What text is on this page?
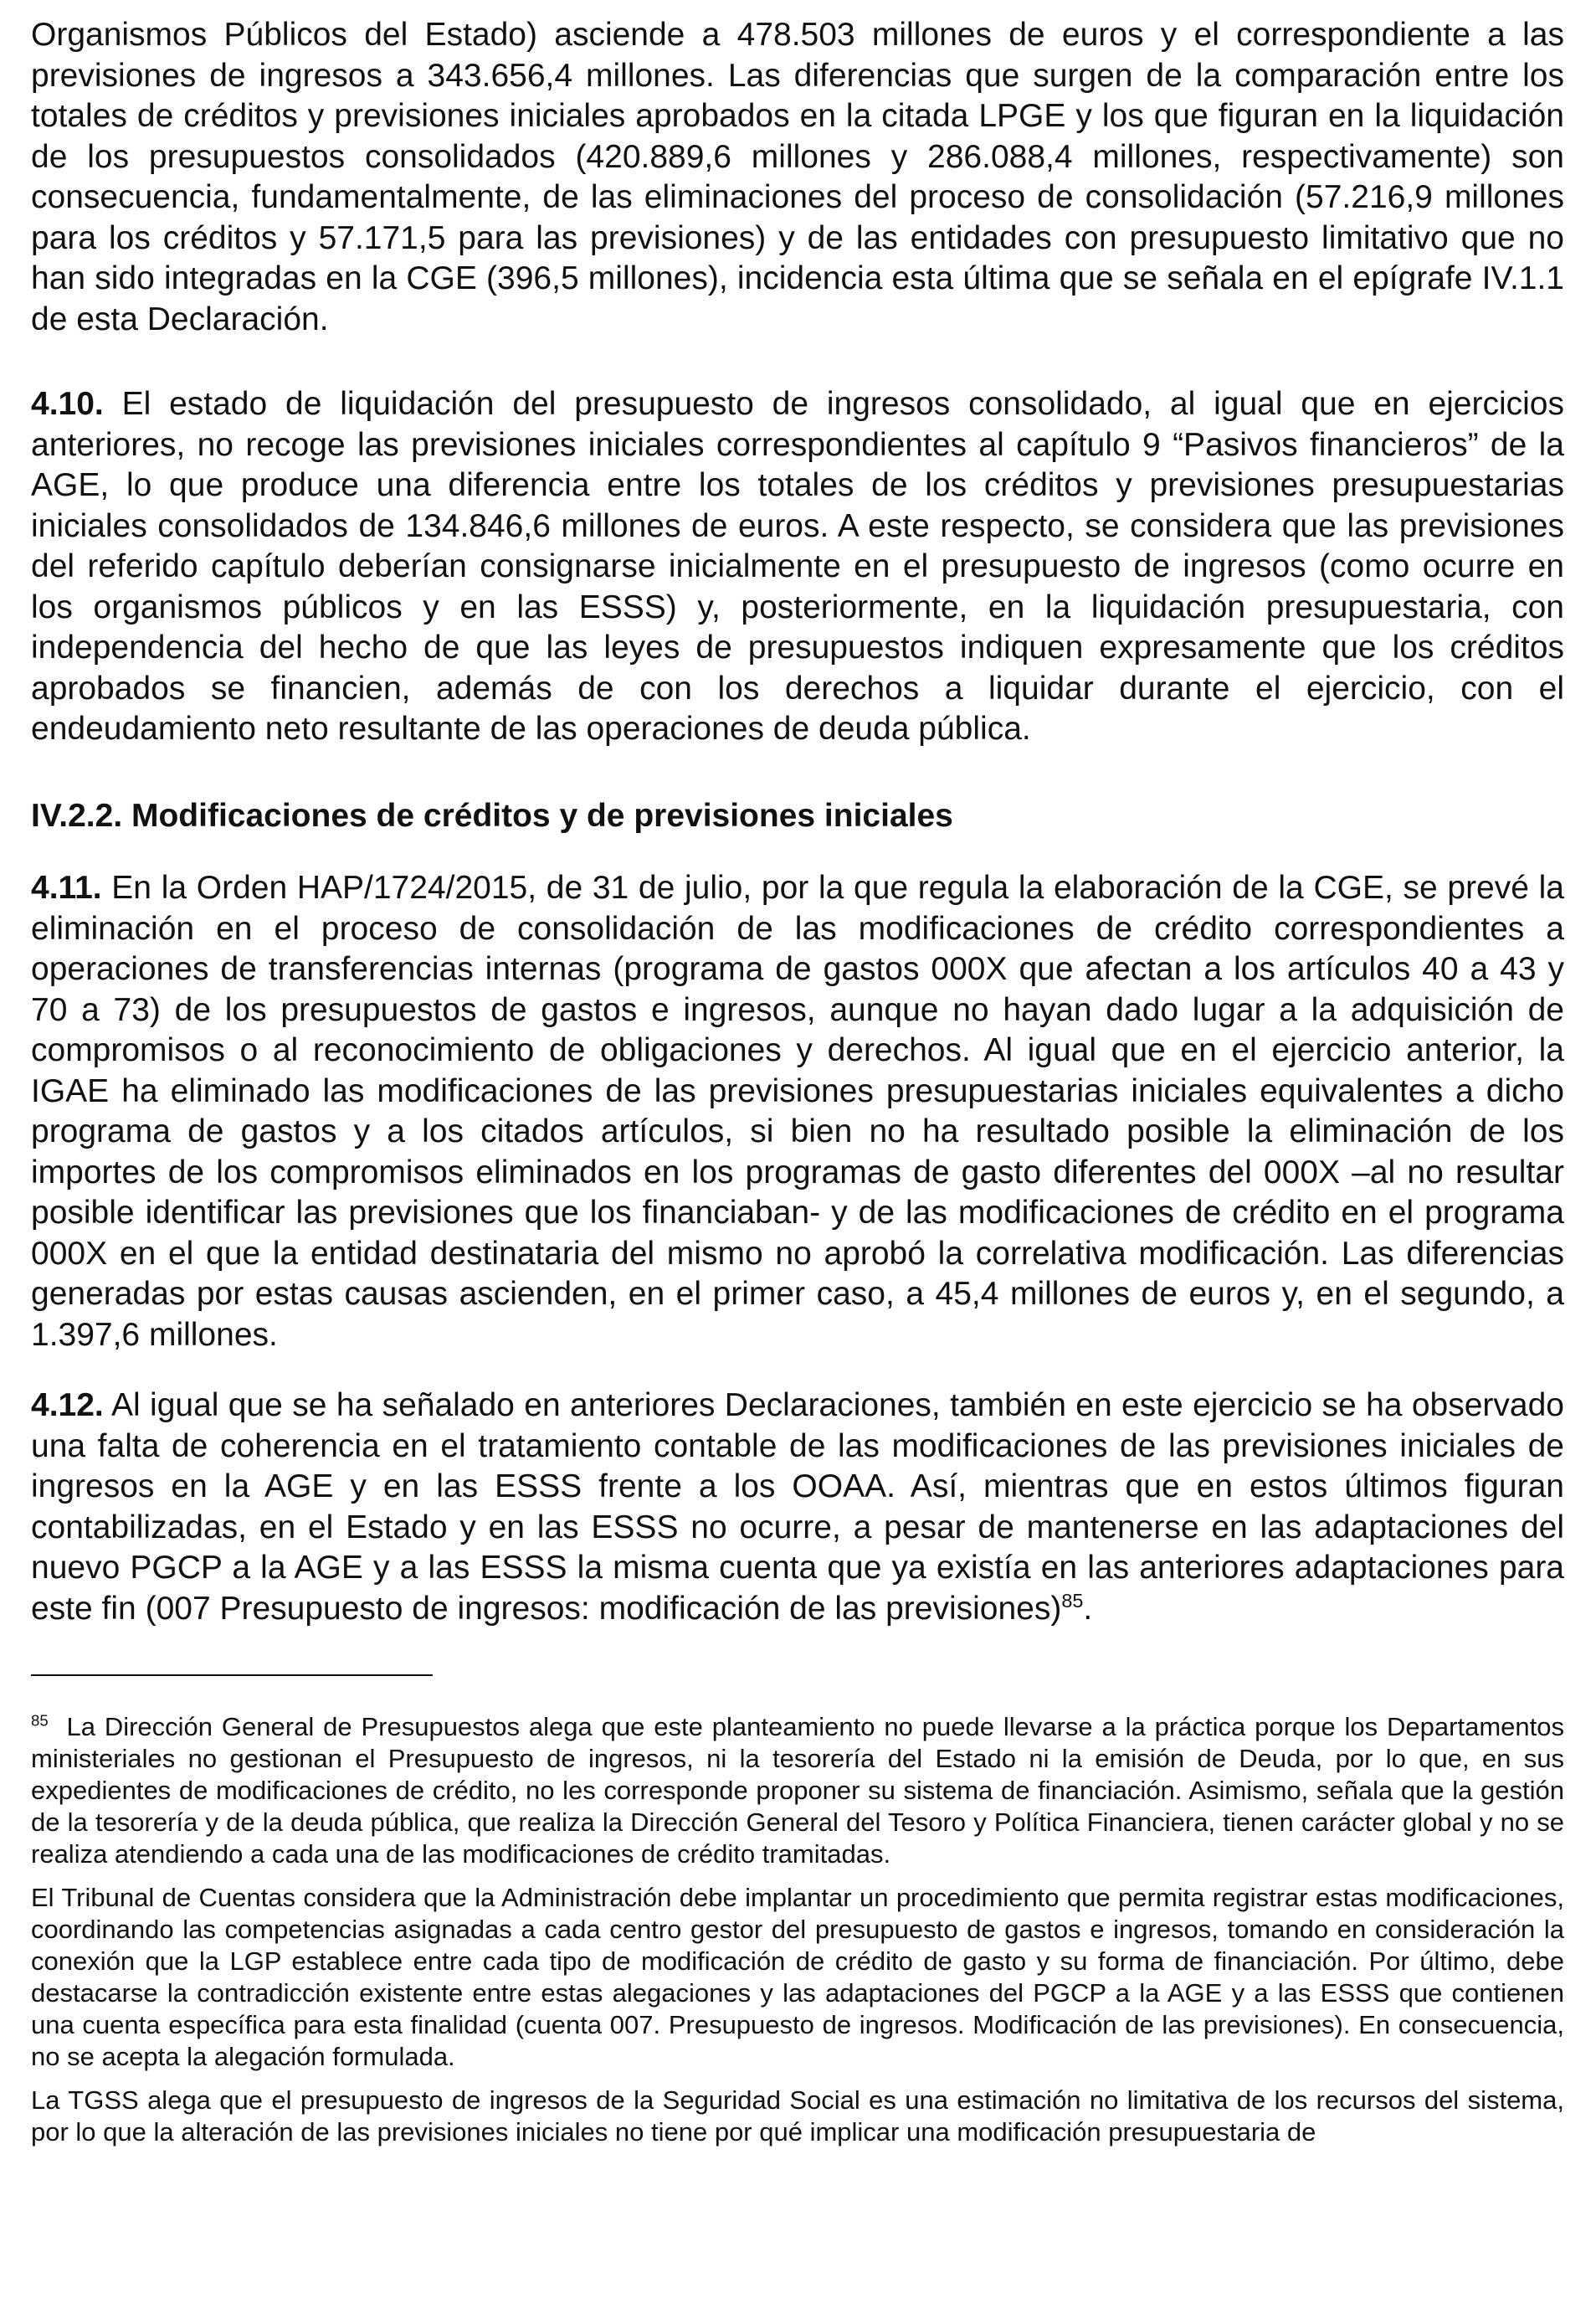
Organismos Públicos del Estado) asciende a 478.503 millones de euros y el correspondiente a las previsiones de ingresos a 343.656,4 millones. Las diferencias que surgen de la comparación entre los totales de créditos y previsiones iniciales aprobados en la citada LPGE y los que figuran en la liquidación de los presupuestos consolidados (420.889,6 millones y 286.088,4 millones, respectivamente) son consecuencia, fundamentalmente, de las eliminaciones del proceso de consolidación (57.216,9 millones para los créditos y 57.171,5 para las previsiones) y de las entidades con presupuesto limitativo que no han sido integradas en la CGE (396,5 millones), incidencia esta última que se señala en el epígrafe IV.1.1 de esta Declaración.

4.10. El estado de liquidación del presupuesto de ingresos consolidado, al igual que en ejercicios anteriores, no recoge las previsiones iniciales correspondientes al capítulo 9 “Pasivos financieros” de la AGE, lo que produce una diferencia entre los totales de los créditos y previsiones presupuestarias iniciales consolidados de 134.846,6 millones de euros. A este respecto, se considera que las previsiones del referido capítulo deberían consignarse inicialmente en el presupuesto de ingresos (como ocurre en los organismos públicos y en las ESSS) y, posteriormente, en la liquidación presupuestaria, con independencia del hecho de que las leyes de presupuestos indiquen expresamente que los créditos aprobados se financien, además de con los derechos a liquidar durante el ejercicio, con el endeudamiento neto resultante de las operaciones de deuda pública.

IV.2.2. Modificaciones de créditos y de previsiones iniciales

4.11. En la Orden HAP/1724/2015, de 31 de julio, por la que regula la elaboración de la CGE, se prevé la eliminación en el proceso de consolidación de las modificaciones de crédito correspondientes a operaciones de transferencias internas (programa de gastos 000X que afectan a los artículos 40 a 43 y 70 a 73) de los presupuestos de gastos e ingresos, aunque no hayan dado lugar a la adquisición de compromisos o al reconocimiento de obligaciones y derechos. Al igual que en el ejercicio anterior, la IGAE ha eliminado las modificaciones de las previsiones presupuestarias iniciales equivalentes a dicho programa de gastos y a los citados artículos, si bien no ha resultado posible la eliminación de los importes de los compromisos eliminados en los programas de gasto diferentes del 000X –al no resultar posible identificar las previsiones que los financiaban- y de las modificaciones de crédito en el programa 000X en el que la entidad destinataria del mismo no aprobó la correlativa modificación. Las diferencias generadas por estas causas ascienden, en el primer caso, a 45,4 millones de euros y, en el segundo, a 1.397,6 millones.

4.12. Al igual que se ha señalado en anteriores Declaraciones, también en este ejercicio se ha observado una falta de coherencia en el tratamiento contable de las modificaciones de las previsiones iniciales de ingresos en la AGE y en las ESSS frente a los OOAA. Así, mientras que en estos últimos figuran contabilizadas, en el Estado y en las ESSS no ocurre, a pesar de mantenerse en las adaptaciones del nuevo PGCP a la AGE y a las ESSS la misma cuenta que ya existía en las anteriores adaptaciones para este fin (007 Presupuesto de ingresos: modificación de las previsiones)$^{85}$.

$^{85}$ La Dirección General de Presupuestos alega que este planteamiento no puede llevarse a la práctica porque los Departamentos ministeriales no gestionan el Presupuesto de ingresos, ni la tesorería del Estado ni la emisión de Deuda, por lo que, en sus expedientes de modificaciones de crédito, no les corresponde proponer su sistema de financiación. Asimismo, señala que la gestión de la tesorería y de la deuda pública, que realiza la Dirección General del Tesoro y Política Financiera, tienen carácter global y no se realiza atendiendo a cada una de las modificaciones de crédito tramitadas.

El Tribunal de Cuentas considera que la Administración debe implantar un procedimiento que permita registrar estas modificaciones, coordinando las competencias asignadas a cada centro gestor del presupuesto de gastos e ingresos, tomando en consideración la conexión que la LGP establece entre cada tipo de modificación de crédito de gasto y su forma de financiación. Por último, debe destacarse la contradicción existente entre estas alegaciones y las adaptaciones del PGCP a la AGE y a las ESSS que contienen una cuenta específica para esta finalidad (cuenta 007. Presupuesto de ingresos. Modificación de las previsiones). En consecuencia, no se acepta la alegación formulada.

La TGSS alega que el presupuesto de ingresos de la Seguridad Social es una estimación no limitativa de los recursos del sistema, por lo que la alteración de las previsiones iniciales no tiene por qué implicar una modificación presupuestaria de
